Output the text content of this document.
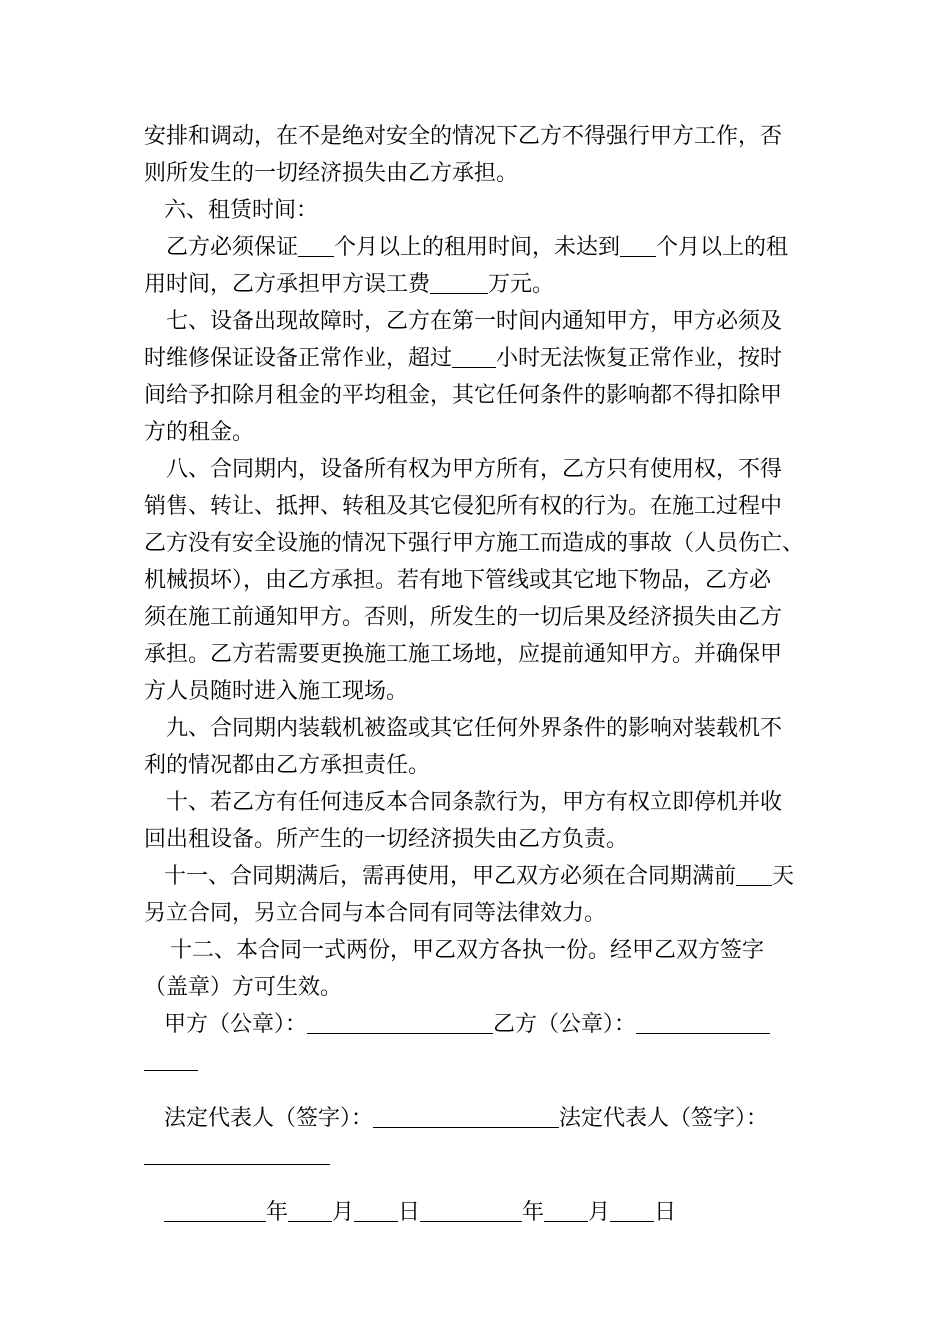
安排和调动，在不是绝对安全的情况下乙方不得强行甲方工作，否

则所发生的一切经济损失由乙方承担。

六、租赁时间：

乙方必须保证 个月以上的租用时间，未达到 个月以上的租

用时间，乙方承担甲方误工费	万元。

七、设备出现故障时，乙方在第一时间内通知甲方，甲方必须及

时维修保证设备正常作业，超过 小时无法恢复正常作业，按时

间给予扣除月租金的平均租金，其它任何条件的影响都不得扣除甲

方的租金。

八、合同期内，设备所有权为甲方所有，乙方只有使用权，不得

销售、转让、抵押、转租及其它侵犯所有权的行为。在施工过程中

乙方没有安全设施的情况下强行甲方施工而造成的事故（人员伤亡、

机械损坏），由乙方承担。若有地下管线或其它地下物品，乙方必

须在施工前通知甲方。否则，所发生的一切后果及经济损失由乙方

承担。乙方若需要更换施工施工场地，应提前通知甲方。并确保甲

方人员随时进入施工现场。

九、合同期内装载机被盗或其它任何外界条件的影响对装载机不

利的情况都由乙方承担责任。

十、若乙方有任何违反本合同条款行为，甲方有权立即停机并收

回出租设备。所产生的一切经济损失由乙方负责。

十一、合同期满后，需再使用，甲乙双方必须在合同期满前 天

另立合同，另立合同与本合同有同等法律效力。

十二、本合同一式两份，甲乙双方各执一份。经甲乙双方签字

（盖章）方可生效。

甲方（公章）：	乙方（公章）：

法定代表人（签字）：	法定代表人（签字）：

年 月 日	年 月 日
